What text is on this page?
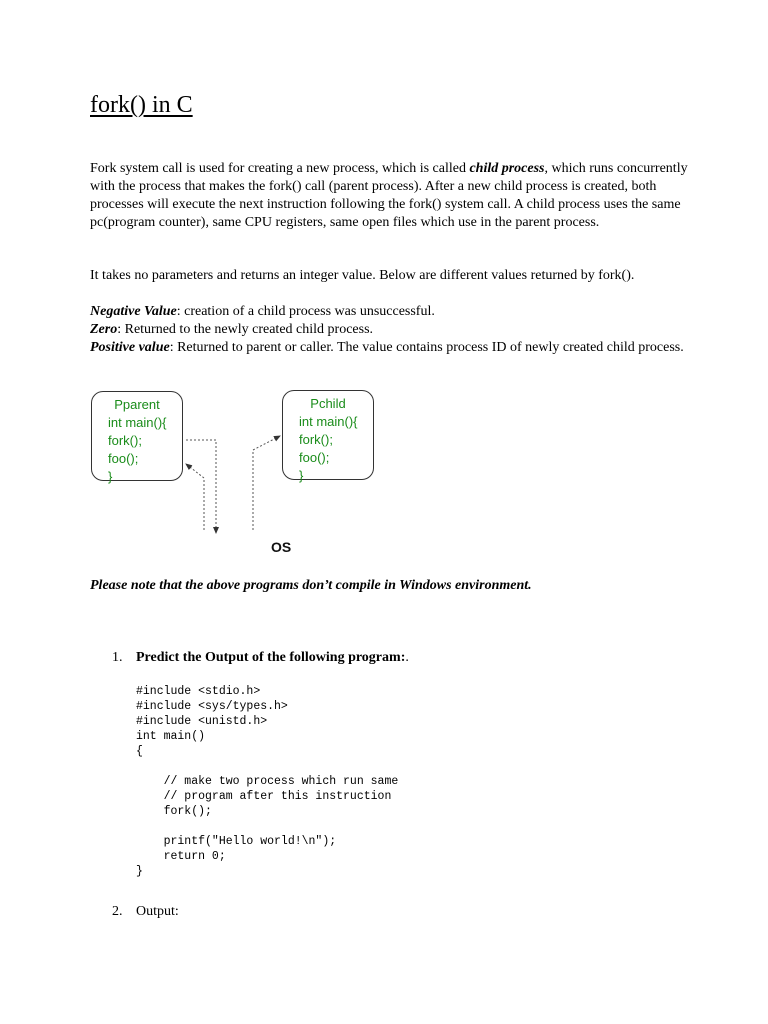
fork() in C

Fork system call is used for creating a new process, which is called child process, which runs concurrently with the process that makes the fork() call (parent process). After a new child process is created, both processes will execute the next instruction following the fork() system call. A child process uses the same pc(program counter), same CPU registers, same open files which use in the parent process.

It takes no parameters and returns an integer value. Below are different values returned by fork().

Negative Value: creation of a child process was unsuccessful.
Zero: Returned to the newly created child process.
Positive value: Returned to parent or caller. The value contains process ID of newly created child process.
Pparent
int main(){
fork();
foo();
}
Pchild
int main(){
fork();
foo();
}
OS

Please note that the above programs don’t compile in Windows environment.

1. Predict the Output of the following program:.
#include <stdio.h>
#include <sys/types.h>
#include <unistd.h>
int main()
{

// make two process which run same
// program after this instruction
fork();

printf("Hello world!\n");
return 0;
}
2. Output:
